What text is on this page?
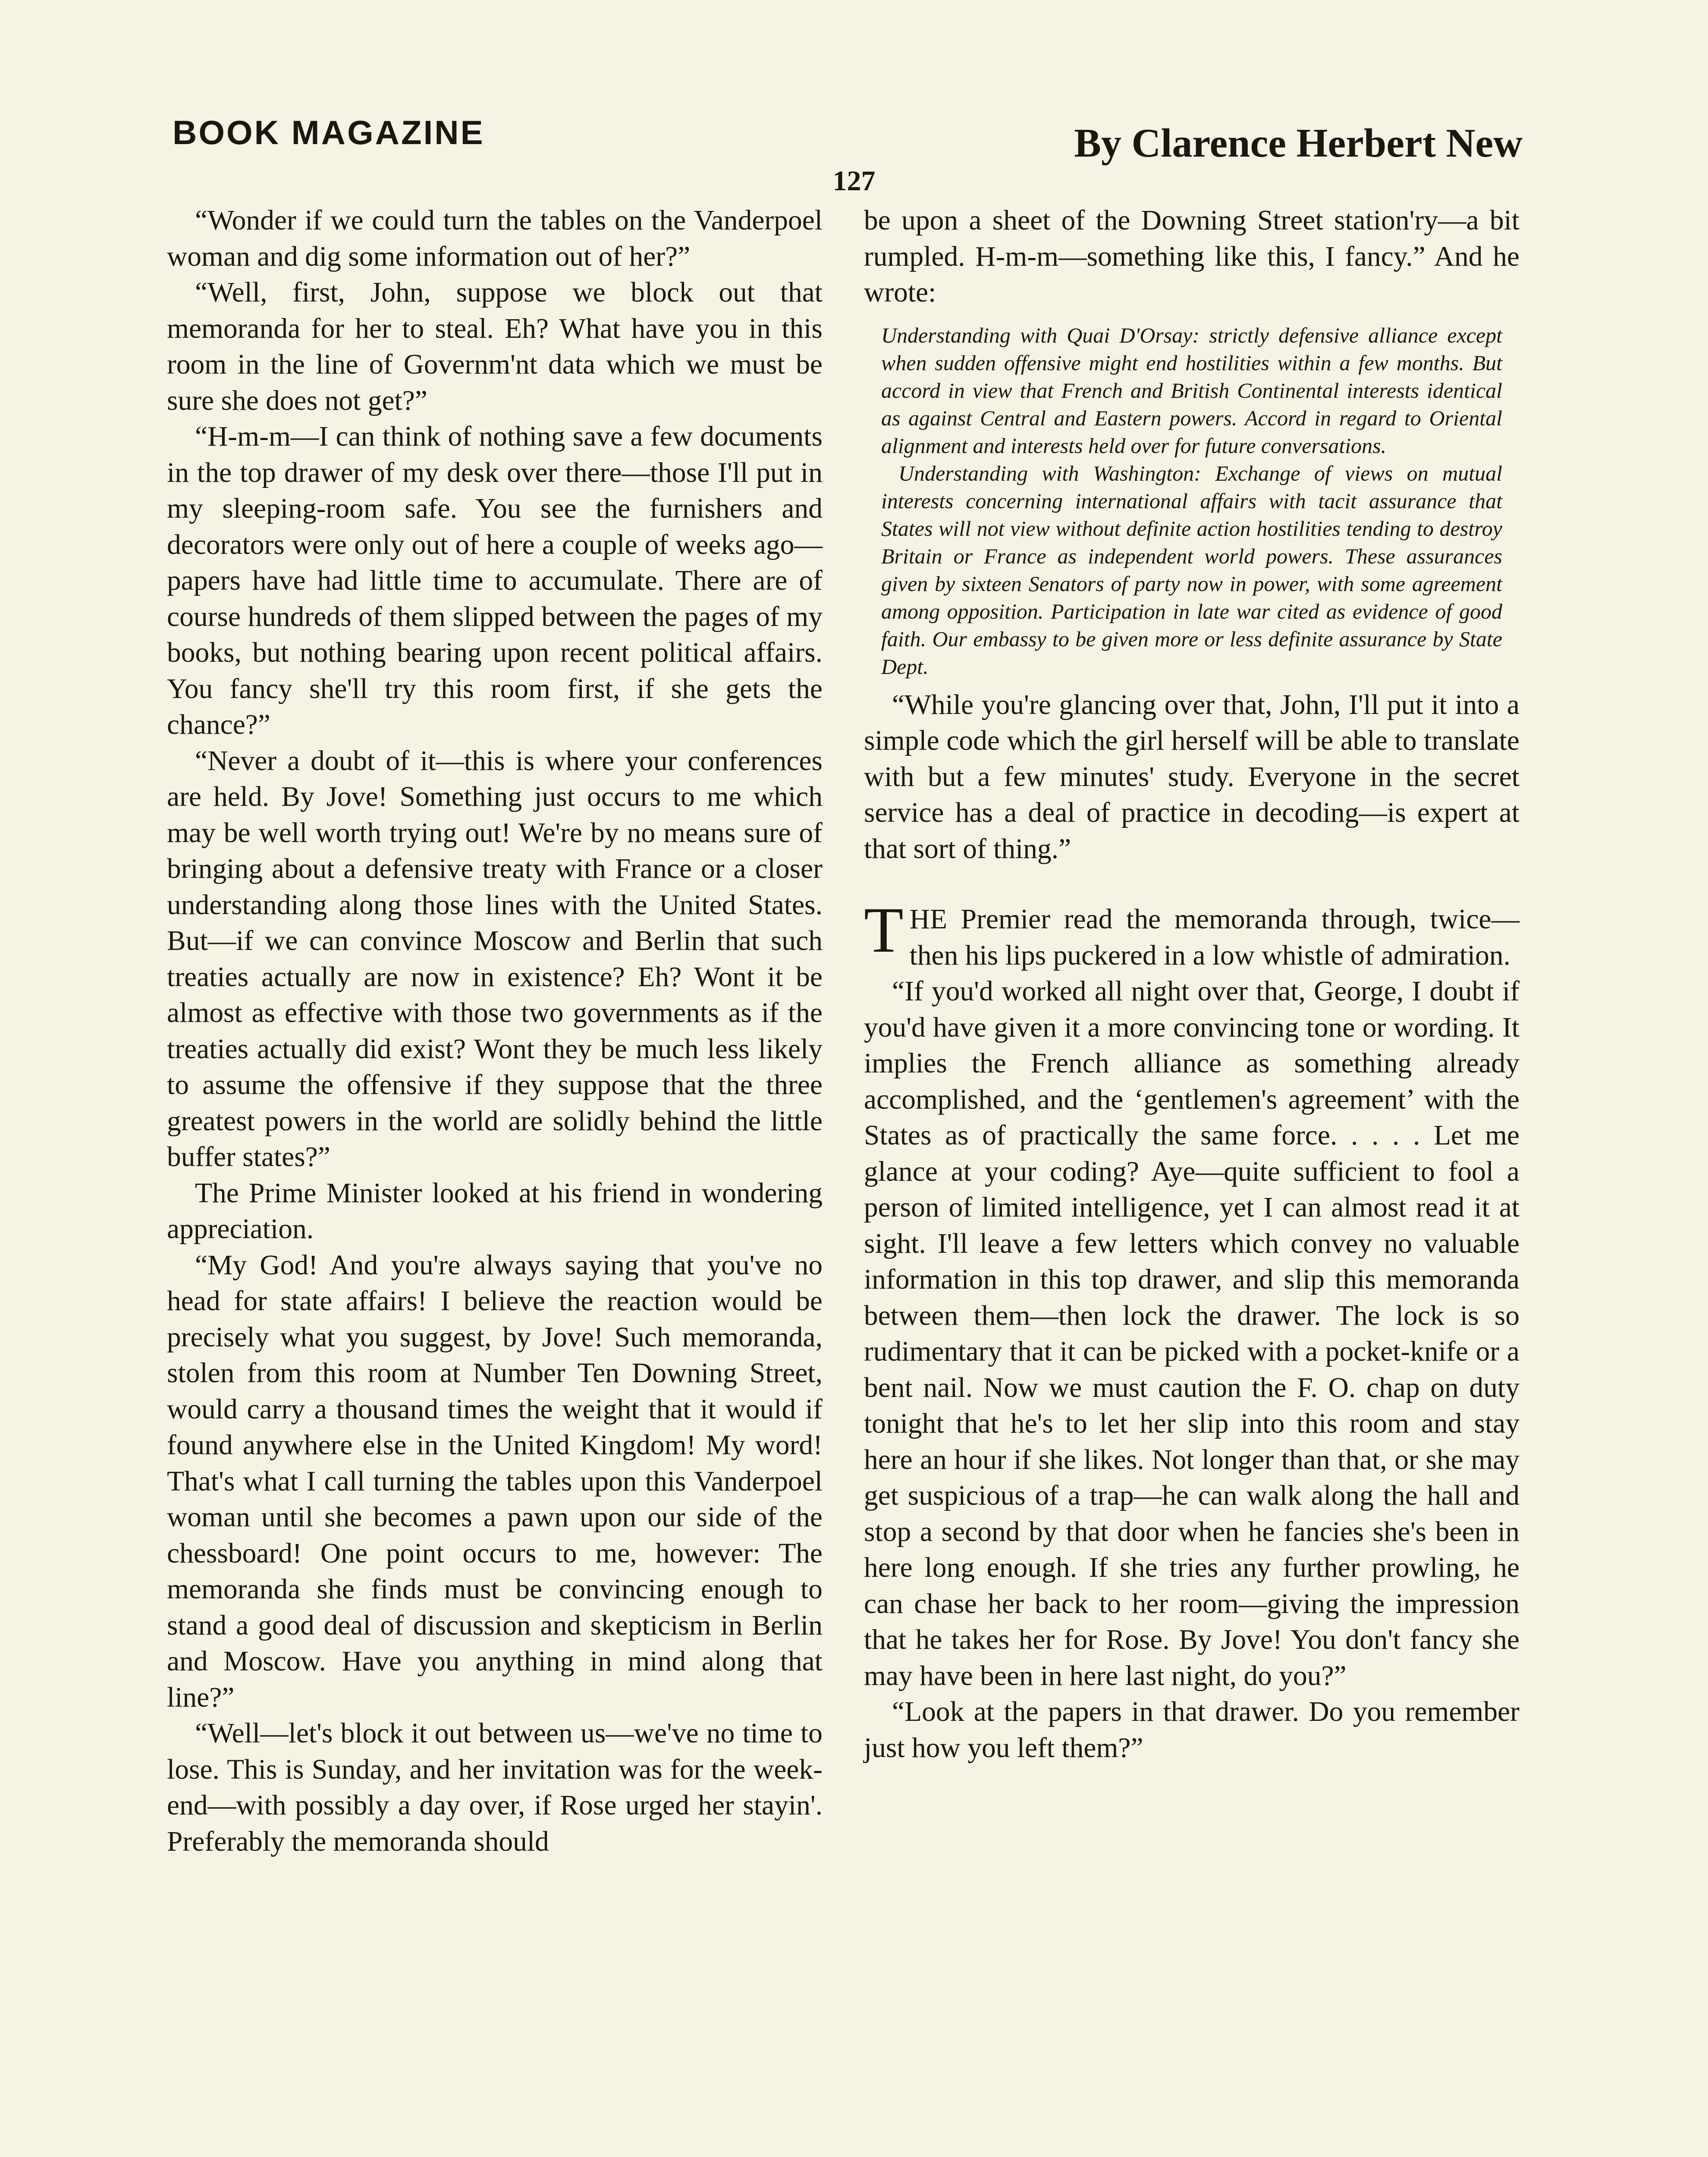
BOOK MAGAZINE	By Clarence Herbert New
127

“Wonder if we could turn the tables on the Vanderpoel woman and dig some information out of her?”

“Well, first, John, suppose we block out that memoranda for her to steal. Eh? What have you in this room in the line of Governm'nt data which we must be sure she does not get?”

“H-m-m—I can think of nothing save a few documents in the top drawer of my desk over there—those I'll put in my sleeping-room safe. You see the furnishers and decorators were only out of here a couple of weeks ago—papers have had little time to accumulate. There are of course hundreds of them slipped between the pages of my books, but nothing bearing upon recent political affairs. You fancy she'll try this room first, if she gets the chance?”

“Never a doubt of it—this is where your conferences are held. By Jove! Something just occurs to me which may be well worth trying out! We're by no means sure of bringing about a defensive treaty with France or a closer understanding along those lines with the United States. But—if we can convince Moscow and Berlin that such treaties actually are now in existence? Eh? Wont it be almost as effective with those two governments as if the treaties actually did exist? Wont they be much less likely to assume the offensive if they suppose that the three greatest powers in the world are solidly behind the little buffer states?”

The Prime Minister looked at his friend in wondering appreciation.

“My God! And you're always saying that you've no head for state affairs! I believe the reaction would be precisely what you suggest, by Jove! Such memoranda, stolen from this room at Number Ten Downing Street, would carry a thousand times the weight that it would if found anywhere else in the United Kingdom! My word! That's what I call turning the tables upon this Vanderpoel woman until she becomes a pawn upon our side of the chessboard! One point occurs to me, however: The memoranda she finds must be convincing enough to stand a good deal of discussion and skepticism in Berlin and Moscow. Have you anything in mind along that line?”

“Well—let's block it out between us—we've no time to lose. This is Sunday, and her invitation was for the week-end—with possibly a day over, if Rose urged her stayin'. Preferably the memoranda should

be upon a sheet of the Downing Street station'ry—a bit rumpled. H-m-m—something like this, I fancy.” And he wrote:

Understanding with Quai D'Orsay: strictly defensive alliance except when sudden offensive might end hostilities within a few months. But accord in view that French and British Continental interests identical as against Central and Eastern powers. Accord in regard to Oriental alignment and interests held over for future conversations.

Understanding with Washington: Exchange of views on mutual interests concerning international affairs with tacit assurance that States will not view without definite action hostilities tending to destroy Britain or France as independent world powers. These assurances given by sixteen Senators of party now in power, with some agreement among opposition. Participation in late war cited as evidence of good faith. Our embassy to be given more or less definite assurance by State Dept.

“While you're glancing over that, John, I'll put it into a simple code which the girl herself will be able to translate with but a few minutes' study. Everyone in the secret service has a deal of practice in decoding—is expert at that sort of thing.”

THE Premier read the memoranda through, twice—then his lips puckered in a low whistle of admiration.

“If you'd worked all night over that, George, I doubt if you'd have given it a more convincing tone or wording. It implies the French alliance as something already accomplished, and the ‘gentlemen's agreement’ with the States as of practically the same force. . . . . Let me glance at your coding? Aye—quite sufficient to fool a person of limited intelligence, yet I can almost read it at sight. I'll leave a few letters which convey no valuable information in this top drawer, and slip this memoranda between them—then lock the drawer. The lock is so rudimentary that it can be picked with a pocket-knife or a bent nail. Now we must caution the F. O. chap on duty tonight that he's to let her slip into this room and stay here an hour if she likes. Not longer than that, or she may get suspicious of a trap—he can walk along the hall and stop a second by that door when he fancies she's been in here long enough. If she tries any further prowling, he can chase her back to her room—giving the impression that he takes her for Rose. By Jove! You don't fancy she may have been in here last night, do you?”

“Look at the papers in that drawer. Do you remember just how you left them?”
